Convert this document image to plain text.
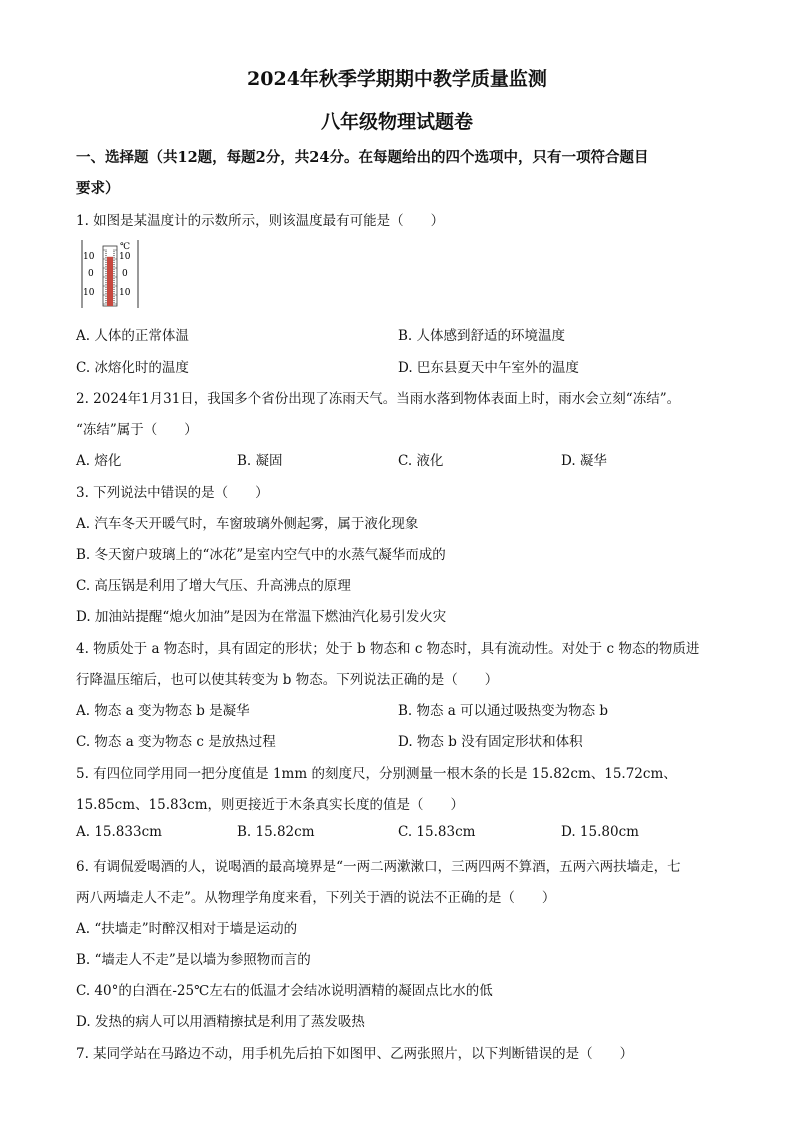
2024年秋季学期期中教学质量监测
八年级物理试题卷
一、选择题（共12题，每题2分，共24分。在每题给出的四个选项中，只有一项符合题目
要求）
1. 如图是某温度计的示数所示，则该温度最有可能是（　　）
℃
10
0
10
10
0
10
A. 人体的正常体温	B. 人体感到舒适的环境温度
C. 冰熔化时的温度	D. 巴东县夏天中午室外的温度
2. 2024年1月31日，我国多个省份出现了冻雨天气。当雨水落到物体表面上时，雨水会立刻“冻结”。
“冻结”属于（　　）
A. 熔化	B. 凝固	C. 液化	D. 凝华
3. 下列说法中错误的是（　　）
A. 汽车冬天开暖气时，车窗玻璃外侧起雾，属于液化现象
B. 冬天窗户玻璃上的“冰花”是室内空气中的水蒸气凝华而成的
C. 高压锅是利用了增大气压、升高沸点的原理
D. 加油站提醒“熄火加油”是因为在常温下燃油汽化易引发火灾
4. 物质处于 a 物态时，具有固定的形状；处于 b 物态和 c 物态时，具有流动性。对处于 c 物态的物质进
行降温压缩后，也可以使其转变为 b 物态。下列说法正确的是（　　）
A. 物态 a 变为物态 b 是凝华	B. 物态 a 可以通过吸热变为物态 b
C. 物态 a 变为物态 c 是放热过程	D. 物态 b 没有固定形状和体积
5. 有四位同学用同一把分度值是 1mm 的刻度尺，分别测量一根木条的长是 15.82cm、15.72cm、
15.85cm、15.83cm，则更接近于木条真实长度的值是（　　）
A. 15.833cm	B. 15.82cm	C. 15.83cm	D. 15.80cm
6. 有调侃爱喝酒的人，说喝酒的最高境界是“一两二两漱漱口，三两四两不算酒，五两六两扶墙走，七
两八两墙走人不走”。从物理学角度来看，下列关于酒的说法不正确的是（　　）
A. “扶墙走”时醉汉相对于墙是运动的
B. “墙走人不走”是以墙为参照物而言的
C. 40°的白酒在-25℃左右的低温才会结冰说明酒精的凝固点比水的低
D. 发热的病人可以用酒精擦拭是利用了蒸发吸热
7. 某同学站在马路边不动，用手机先后拍下如图甲、乙两张照片，以下判断错误的是（　　）
